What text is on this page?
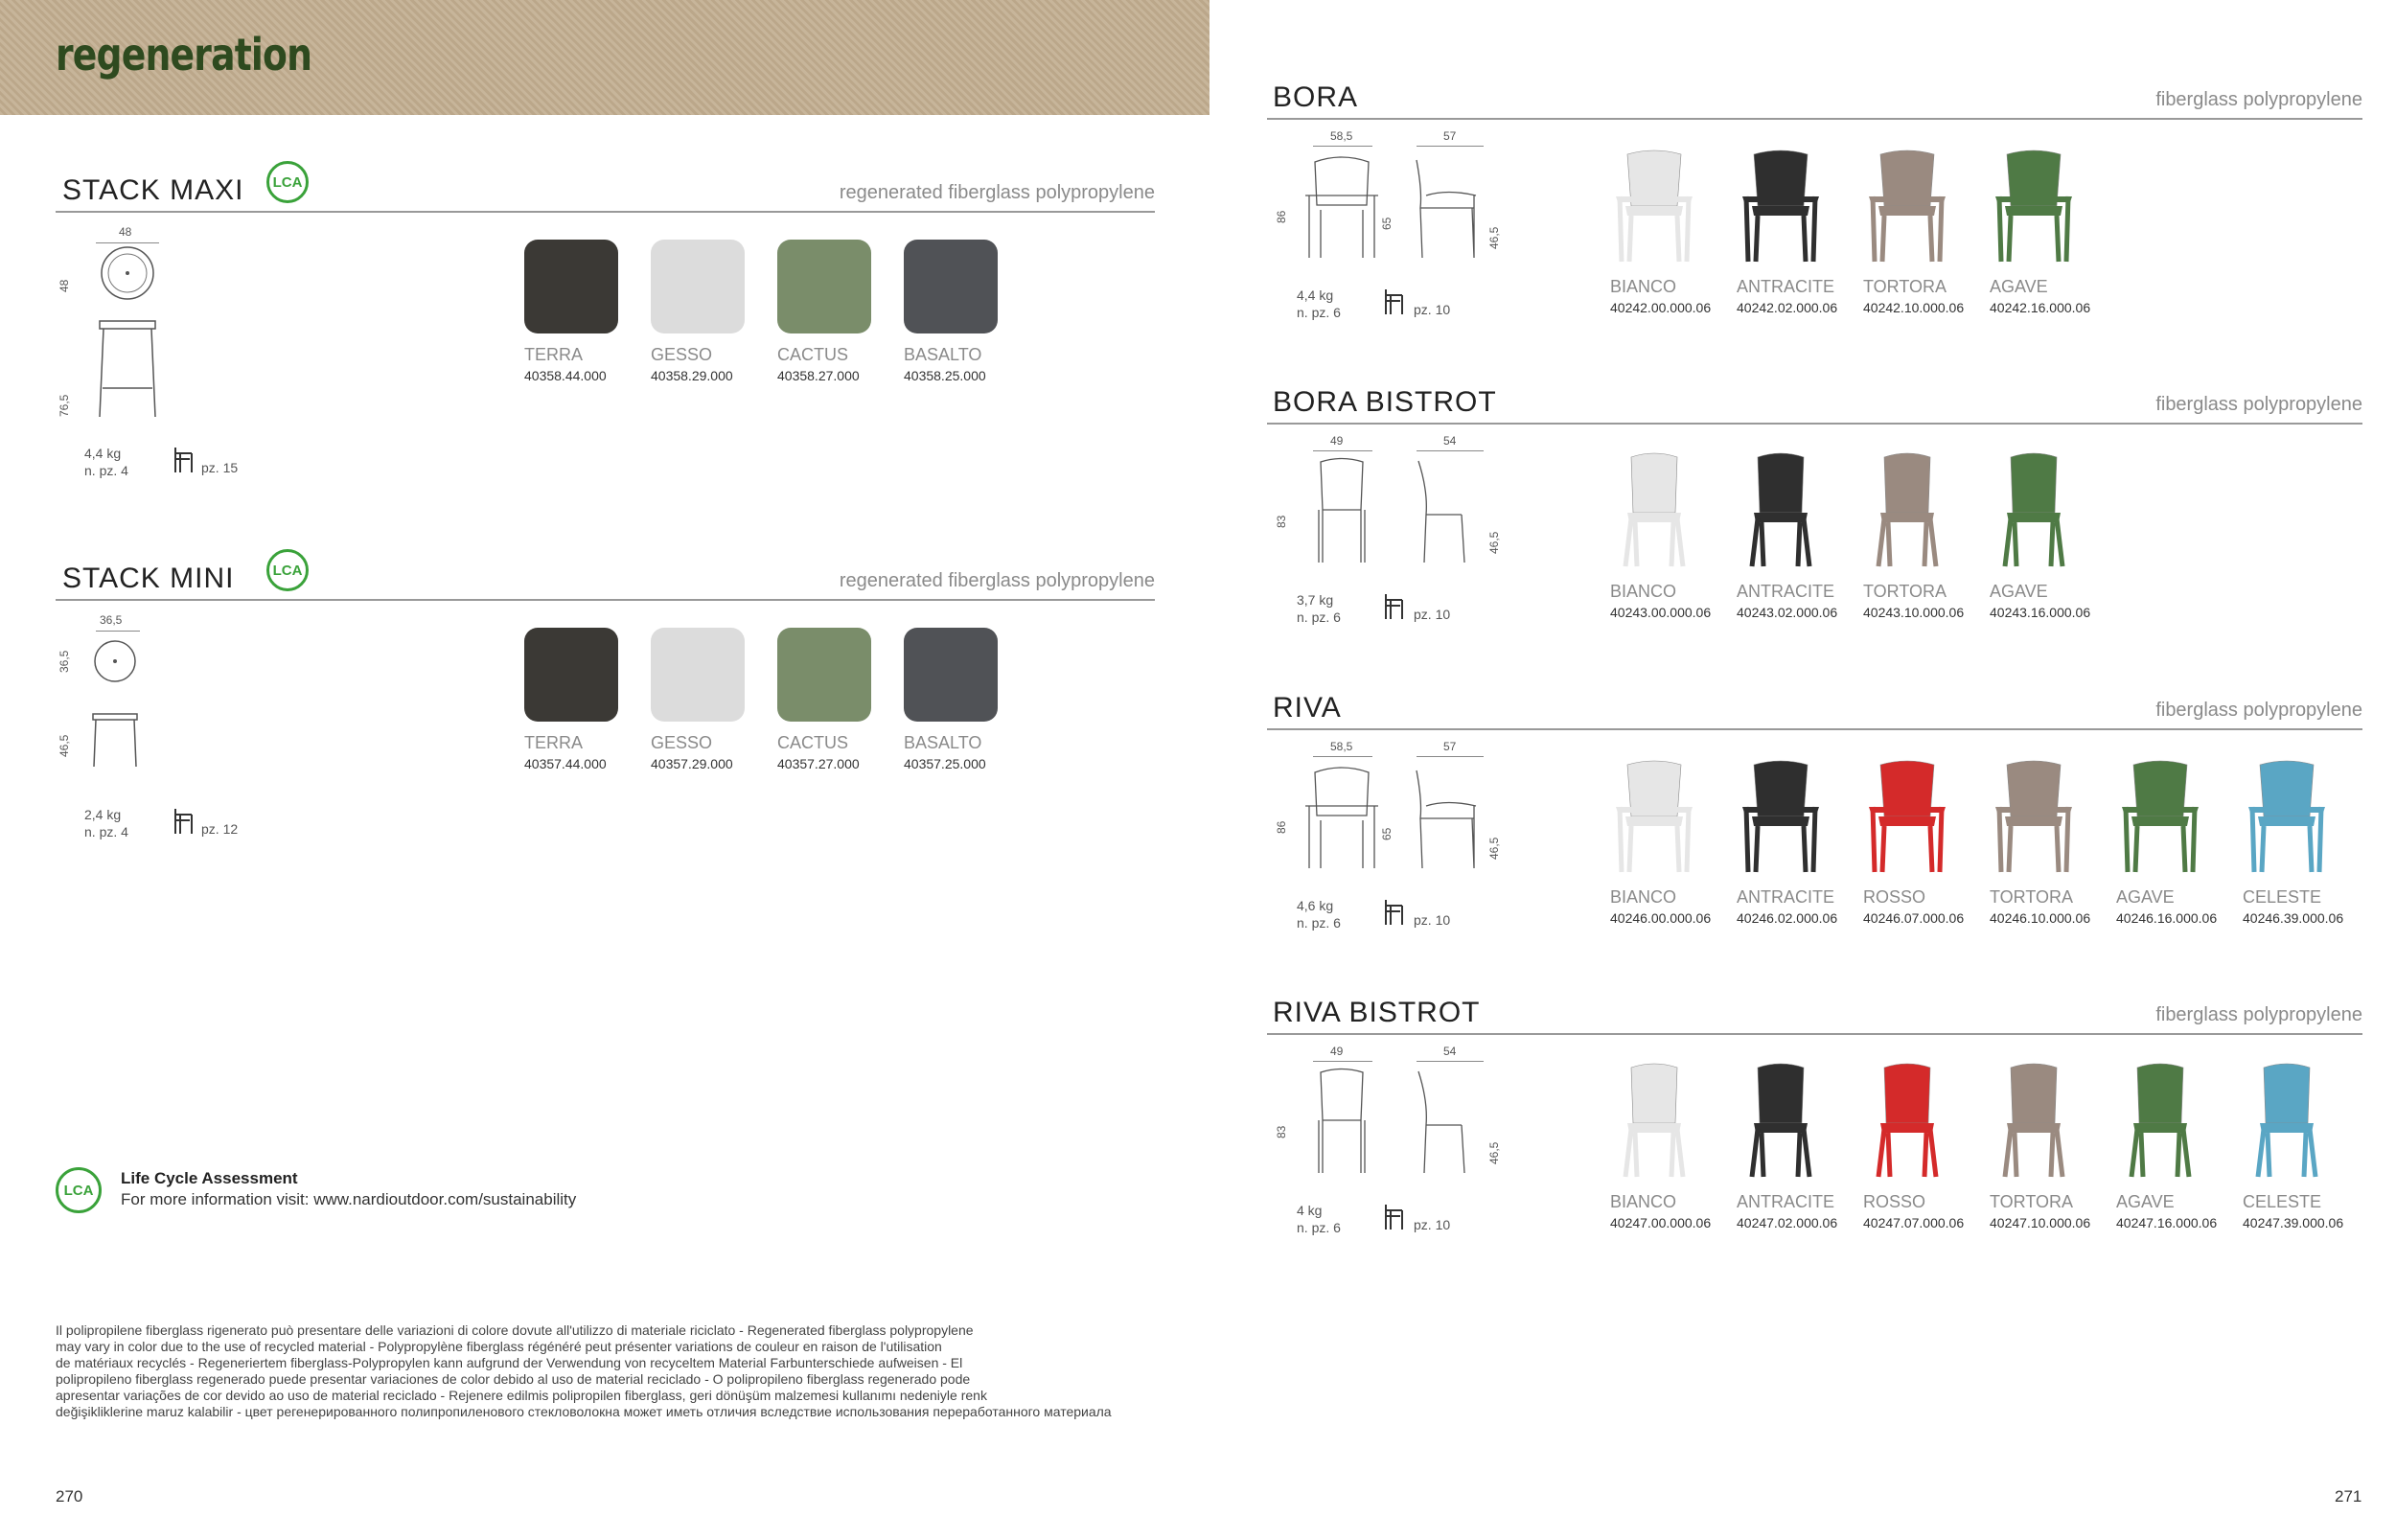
regeneration
STACK MAXI LCA	regenerated fiberglass polypropylene
48
48
76,5
4,4 kg
n. pz. 4	pz. 15
TERRA
40358.44.000
GESSO
40358.29.000
CACTUS
40358.27.000
BASALTO
40358.25.000
STACK MINI	LCA	regenerated fiberglass polypropylene
36,5
36,5
46,5
2,4 kg
n. pz. 4	pz. 12
TERRA
40357.44.000
GESSO
40357.29.000
CACTUS
40357.27.000
BASALTO
40357.25.000
LCA
Life Cycle Assessment
For more information visit: www.nardioutdoor.com/sustainability
Il polipropilene fiberglass rigenerato può presentare delle variazioni di colore dovute all'utilizzo di materiale riciclato - Regenerated fiberglass polypropylene
may vary in color due to the use of recycled material - Polypropylène fiberglass régénéré peut présenter variations de couleur en raison de l'utilisation
de matériaux recyclés - Regeneriertem fiberglass-Polypropylen kann aufgrund der Verwendung von recyceltem Material Farbunterschiede aufweisen - El
polipropileno fiberglass regenerado puede presentar variaciones de color debido al uso de material reciclado - O polipropileno fiberglass regenerado pode
apresentar variações de cor devido ao uso de material reciclado - Rejenere edilmis polipropilen fiberglass, geri dönüşüm malzemesi kullanımı nedeniyle renk
değişikliklerine maruz kalabilir - цвет регенерированного полипропиленового стекловолокна может иметь отличия вследствие использования переработанного материала
270
BORA	fiberglass polypropylene
58,5	57
86
65
46,5
4,4 kg
n. pz. 6	pz. 10
BIANCO
40242.00.000.06
ANTRACITE
40242.02.000.06
TORTORA
40242.10.000.06
AGAVE
40242.16.000.06
BORA BISTROT	fiberglass polypropylene
49	54
83
46,5
3,7 kg
n. pz. 6	pz. 10
BIANCO
40243.00.000.06
ANTRACITE
40243.02.000.06
TORTORA
40243.10.000.06
AGAVE
40243.16.000.06
RIVA	fiberglass polypropylene
58,5	57
86
65
46,5
4,6 kg
n. pz. 6	pz. 10
BIANCO
40246.00.000.06
ANTRACITE
40246.02.000.06
ROSSO
40246.07.000.06
TORTORA
40246.10.000.06
AGAVE
40246.16.000.06
CELESTE
40246.39.000.06
RIVA BISTROT	fiberglass polypropylene
49	54
83
46,5
4 kg
n. pz. 6	pz. 10
BIANCO
40247.00.000.06
ANTRACITE
40247.02.000.06
ROSSO
40247.07.000.06
TORTORA
40247.10.000.06
AGAVE
40247.16.000.06
CELESTE
40247.39.000.06
271
